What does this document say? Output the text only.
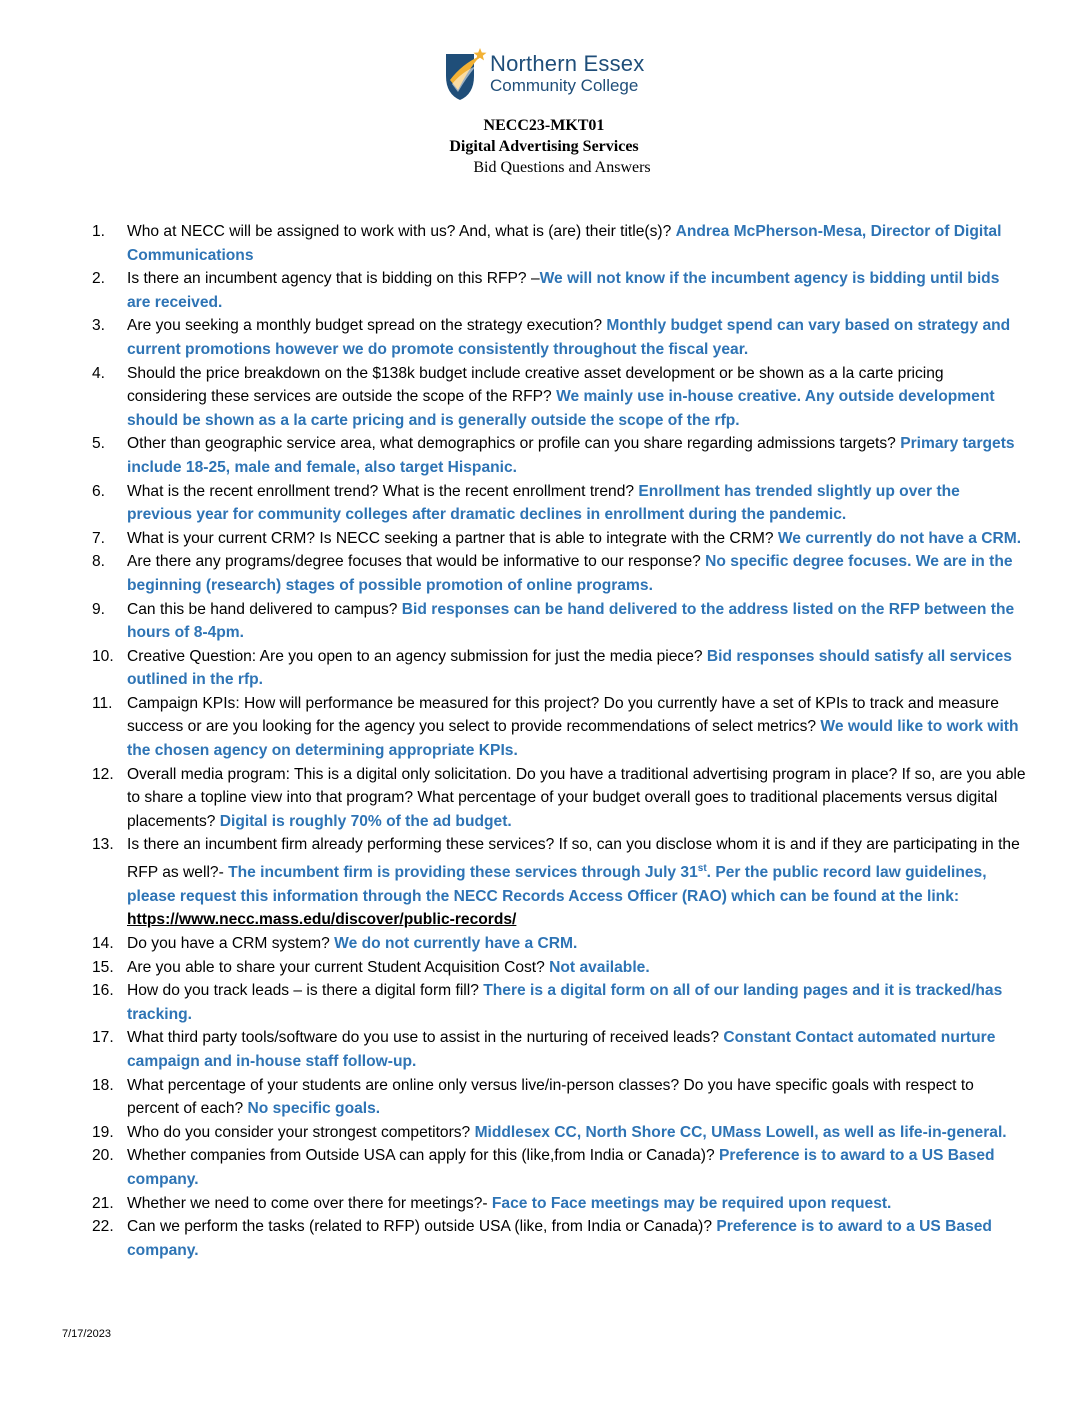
Northern Essex
Community College
NECC23-MKT01
Digital Advertising Services
Bid Questions and Answers
1.	Who at NECC will be assigned to work with us? And, what is (are) their title(s)? Andrea McPherson-Mesa, Director of Digital Communications
2.	Is there an incumbent agency that is bidding on this RFP? –We will not know if the incumbent agency is bidding until bids are received.
3.	Are you seeking a monthly budget spread on the strategy execution? Monthly budget spend can vary based on strategy and current promotions however we do promote consistently throughout the fiscal year.
4.	Should the price breakdown on the $138k budget include creative asset development or be shown as a la carte pricing considering these services are outside the scope of the RFP? We mainly use in-house creative. Any outside development should be shown as a la carte pricing and is generally outside the scope of the rfp.
5.	Other than geographic service area, what demographics or profile can you share regarding admissions targets? Primary targets include 18-25, male and female, also target Hispanic.
6.	What is the recent enrollment trend? What is the recent enrollment trend? Enrollment has trended slightly up over the previous year for community colleges after dramatic declines in enrollment during the pandemic.
7.	What is your current CRM? Is NECC seeking a partner that is able to integrate with the CRM? We currently do not have a CRM.
8.	Are there any programs/degree focuses that would be informative to our response? No specific degree focuses. We are in the beginning (research) stages of possible promotion of online programs.
9.	Can this be hand delivered to campus? Bid responses can be hand delivered to the address listed on the RFP between the hours of 8-4pm.
10. Creative Question: Are you open to an agency submission for just the media piece? Bid responses should satisfy all services outlined in the rfp.
11. Campaign KPIs: How will performance be measured for this project? Do you currently have a set of KPIs to track and measure success or are you looking for the agency you select to provide recommendations of select metrics? We would like to work with the chosen agency on determining appropriate KPIs.
12. Overall media program: This is a digital only solicitation. Do you have a traditional advertising program in place? If so, are you able to share a topline view into that program? What percentage of your budget overall goes to traditional placements versus digital placements? Digital is roughly 70% of the ad budget.
13. Is there an incumbent firm already performing these services? If so, can you disclose whom it is and if they are participating in the RFP as well?- The incumbent firm is providing these services through July 31st. Per the public record law guidelines, please request this information through the NECC Records Access Officer (RAO) which can be found at the link: https://www.necc.mass.edu/discover/public-records/
14. Do you have a CRM system? We do not currently have a CRM.
15. Are you able to share your current Student Acquisition Cost? Not available.
16. How do you track leads – is there a digital form fill? There is a digital form on all of our landing pages and it is tracked/has tracking.
17. What third party tools/software do you use to assist in the nurturing of received leads? Constant Contact automated nurture campaign and in-house staff follow-up.
18. What percentage of your students are online only versus live/in-person classes? Do you have specific goals with respect to percent of each? No specific goals.
19. Who do you consider your strongest competitors? Middlesex CC, North Shore CC, UMass Lowell, as well as life-in-general.
20. Whether companies from Outside USA can apply for this (like,from India or Canada)? Preference is to award to a US Based company.
21. Whether we need to come over there for meetings?- Face to Face meetings may be required upon request.
22. Can we perform the tasks (related to RFP) outside USA (like, from India or Canada)? Preference is to award to a US Based company.
7/17/2023
